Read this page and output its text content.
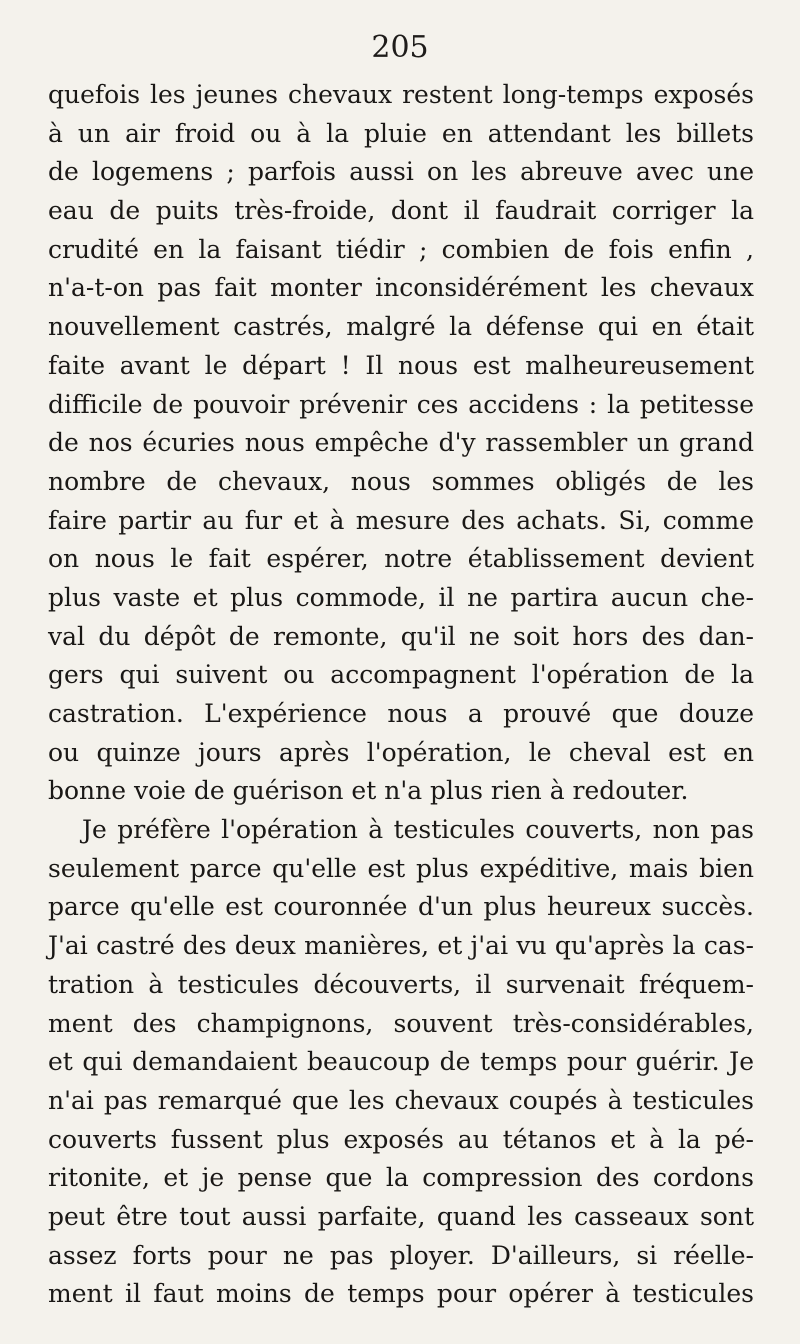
205
quefois les jeunes chevaux restent long-temps exposés
à un air froid ou à la pluie en attendant les billets
de logemens ; parfois aussi on les abreuve avec une
eau de puits très-froide, dont il faudrait corriger la
crudité en la faisant tiédir ; combien de fois enfin ,
n'a-t-on pas fait monter inconsidérément les chevaux
nouvellement castrés, malgré la défense qui en était
faite avant le départ ! Il nous est malheureusement
difficile de pouvoir prévenir ces accidens : la petitesse
de nos écuries nous empêche d'y rassembler un grand
nombre de chevaux, nous sommes obligés de les
faire partir au fur et à mesure des achats. Si, comme
on nous le fait espérer, notre établissement devient
plus vaste et plus commode, il ne partira aucun che-
val du dépôt de remonte, qu'il ne soit hors des dan-
gers qui suivent ou accompagnent l'opération de la
castration. L'expérience nous a prouvé que douze
ou quinze jours après l'opération, le cheval est en
bonne voie de guérison et n'a plus rien à redouter.
Je préfère l'opération à testicules couverts, non pas
seulement parce qu'elle est plus expéditive, mais bien
parce qu'elle est couronnée d'un plus heureux succès.
J'ai castré des deux manières, et j'ai vu qu'après la cas-
tration à testicules découverts, il survenait fréquem-
ment des champignons, souvent très-considérables,
et qui demandaient beaucoup de temps pour guérir. Je
n'ai pas remarqué que les chevaux coupés à testicules
couverts fussent plus exposés au tétanos et à la pé-
ritonite, et je pense que la compression des cordons
peut être tout aussi parfaite, quand les casseaux sont
assez forts pour ne pas ployer. D'ailleurs, si réelle-
ment il faut moins de temps pour opérer à testicules
